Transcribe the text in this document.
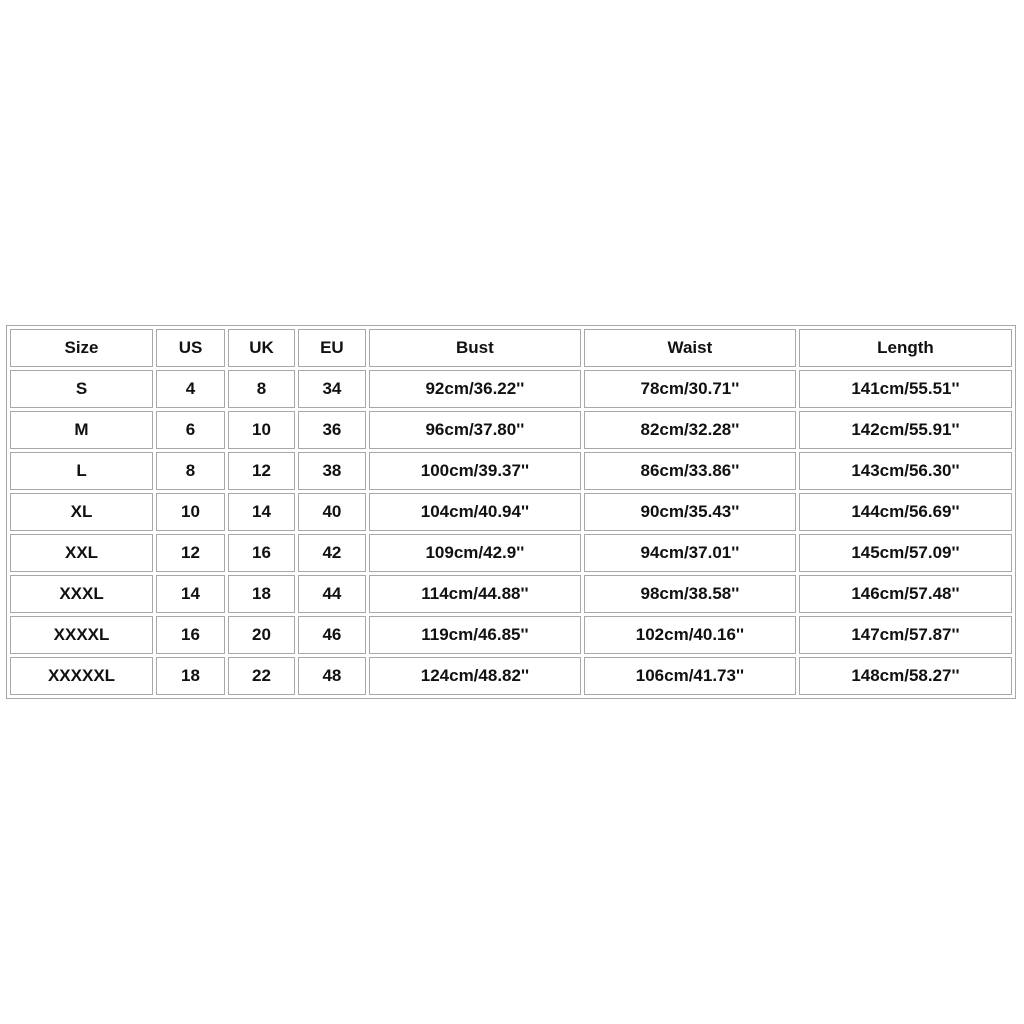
Size	US	UK	EU	Bust	Waist	Length
S	4	8	34	92cm/36.22''	78cm/30.71''	141cm/55.51''
M	6	10	36	96cm/37.80''	82cm/32.28''	142cm/55.91''
L	8	12	38	100cm/39.37''	86cm/33.86''	143cm/56.30''
XL	10	14	40	104cm/40.94''	90cm/35.43''	144cm/56.69''
XXL	12	16	42	109cm/42.9''	94cm/37.01''	145cm/57.09''
XXXL	14	18	44	114cm/44.88''	98cm/38.58''	146cm/57.48''
XXXXL	16	20	46	119cm/46.85''	102cm/40.16''	147cm/57.87''
XXXXXL	18	22	48	124cm/48.82''	106cm/41.73''	148cm/58.27''
